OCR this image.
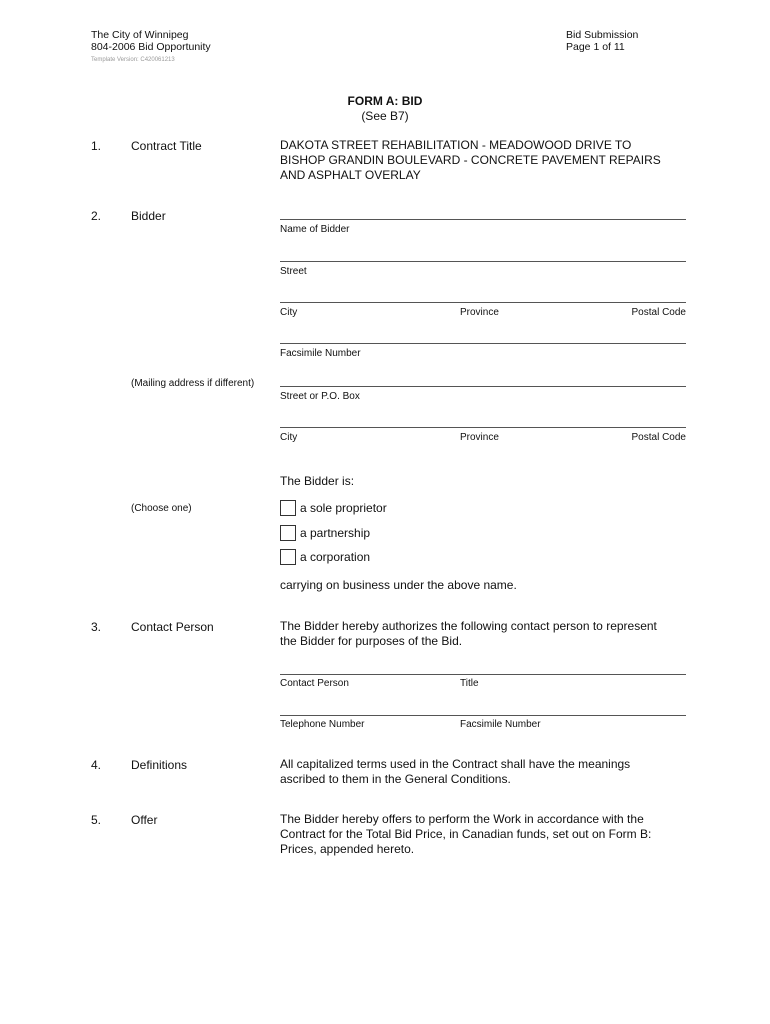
The City of Winnipeg
804-2006 Bid Opportunity
Template Version: C420061213
Bid Submission
Page 1 of 11
FORM A: BID
(See B7)
1. Contract Title	DAKOTA STREET REHABILITATION - MEADOWOOD DRIVE TO
BISHOP GRANDIN BOULEVARD - CONCRETE PAVEMENT REPAIRS
AND ASPHALT OVERLAY
2. Bidder
Name of Bidder
Street
City	Province	Postal Code
Facsimile Number
(Mailing address if different)
Street or P.O. Box
City	Province	Postal Code
The Bidder is:
(Choose one)	a sole proprietor
a partnership
a corporation
carrying on business under the above name.
3. Contact Person	The Bidder hereby authorizes the following contact person to represent
the Bidder for purposes of the Bid.
Contact Person	Title
Telephone Number	Facsimile Number
4. Definitions	All capitalized terms used in the Contract shall have the meanings
ascribed to them in the General Conditions.
5. Offer	The Bidder hereby offers to perform the Work in accordance with the
Contract for the Total Bid Price, in Canadian funds, set out on Form B:
Prices, appended hereto.
